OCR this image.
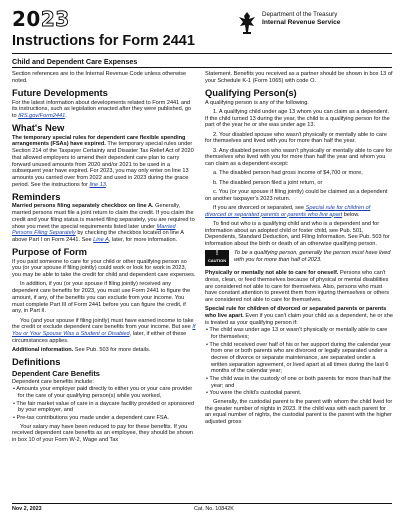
2023
Instructions for Form 2441
Department of the Treasury
Internal Revenue Service
Child and Dependent Care Expenses

Section references are to the Internal Revenue Code unless otherwise noted.

Future Developments

For the latest information about developments related to Form 2441 and its instructions, such as legislation enacted after they were published, go to IRS.gov/Form2441.

What's New

The temporary special rules for dependent care flexible spending arrangements (FSAs) have expired. The temporary special rules under Section 214 of the Taxpayer Certainty and Disaster Tax Relief Act of 2020 that allowed employers to amend their dependent care plan to carry forward unused amounts from 2020 and/or 2021 to be used in a subsequent year have expired. For 2023, you may only enter on line 13 amounts you carried over from 2022 and used in 2023 during the grace period. See the instructions for line 13.

Reminders

Married persons filing separately checkbox on line A. Generally, married persons must file a joint return to claim the credit. If you claim the credit and your filing status is married filing separately, you are required to show you meet the special requirements listed later under Married Persons Filing Separately by checking the checkbox located on line A above Part I on Form 2441. See Line A, later, for more information.

Purpose of Form

If you paid someone to care for your child or other qualifying person so you (or your spouse if filing jointly) could work or look for work in 2023, you may be able to take the credit for child and dependent care expenses.

In addition, if you (or your spouse if filing jointly) received any dependent care benefits for 2023, you must use Form 2441 to figure the amount, if any, of the benefits you can exclude from your income. You must complete Part III of Form 2441 before you can figure the credit, if any, in Part II.

You (and your spouse if filing jointly) must have earned income to take the credit or exclude dependent care benefits from your income. But see If You or Your Spouse Was a Student or Disabled, later, if either of these circumstances applies.

Additional information. See Pub. 503 for more details.

Definitions
Dependent Care Benefits

Dependent care benefits include:

• Amounts your employer paid directly to either you or your care provider for the care of your qualifying person(s) while you worked,

• The fair market value of care in a daycare facility provided or sponsored by your employer, and

• Pre-tax contributions you made under a dependent care FSA.

Your salary may have been reduced to pay for these benefits. If you received dependent care benefits as an employee, they should be shown in box 10 of your Form W-2, Wage and Tax

Statement. Benefits you received as a partner should be shown in box 13 of your Schedule K-1 (Form 1065) with code O.

Qualifying Person(s)

A qualifying person is any of the following.

1. A qualifying child under age 13 whom you can claim as a dependent. If the child turned 13 during the year, the child is a qualifying person for the part of the year he or she was under age 13.

2. Your disabled spouse who wasn't physically or mentally able to care for themselves and lived with you for more than half the year.

3. Any disabled person who wasn't physically or mentally able to care for themselves who lived with you for more than half the year and whom you can claim as a dependent except:

a. The disabled person had gross income of $4,700 or more,

b. The disabled person filed a joint return, or

c. You (or your spouse if filing jointly) could be claimed as a dependent on another taxpayer's 2023 return.

If you are divorced or separated, see Special rule for children of divorced or separated parents or parents who live apart below.

To find out who is a qualifying child and who is a dependent and for information about an adopted child or foster child, see Pub. 501, Dependents, Standard Deduction, and Filing Information. See Pub. 503 for information about the birth or death of an otherwise qualifying person.

! CAUTION
To be a qualifying person, generally the person must have lived with you for more than half of 2023.

Physically or mentally not able to care for oneself. Persons who can't dress, clean, or feed themselves because of physical or mental disabilities are considered not able to care for themselves. Also, persons who must have constant attention to prevent them from injuring themselves or others are considered not able to care for themselves.

Special rule for children of divorced or separated parents or parents who live apart. Even if you can't claim your child as a dependent, he or she is treated as your qualifying person if:

• The child was under age 13 or wasn't physically or mentally able to care for themselves;

• The child received over half of his or her support during the calendar year from one or both parents who are divorced or legally separated under a decree of divorce or separate maintenance, are separated under a written separation agreement, or lived apart at all times during the last 6 months of the calendar year;

• The child was in the custody of one or both parents for more than half the year; and

• You were the child's custodial parent.

Generally, the custodial parent is the parent with whom the child lived for the greater number of nights in 2023. If the child was with each parent for an equal number of nights, the custodial parent is the parent with the higher adjusted gross

Nov 2, 2023	Cat. No. 10842K
